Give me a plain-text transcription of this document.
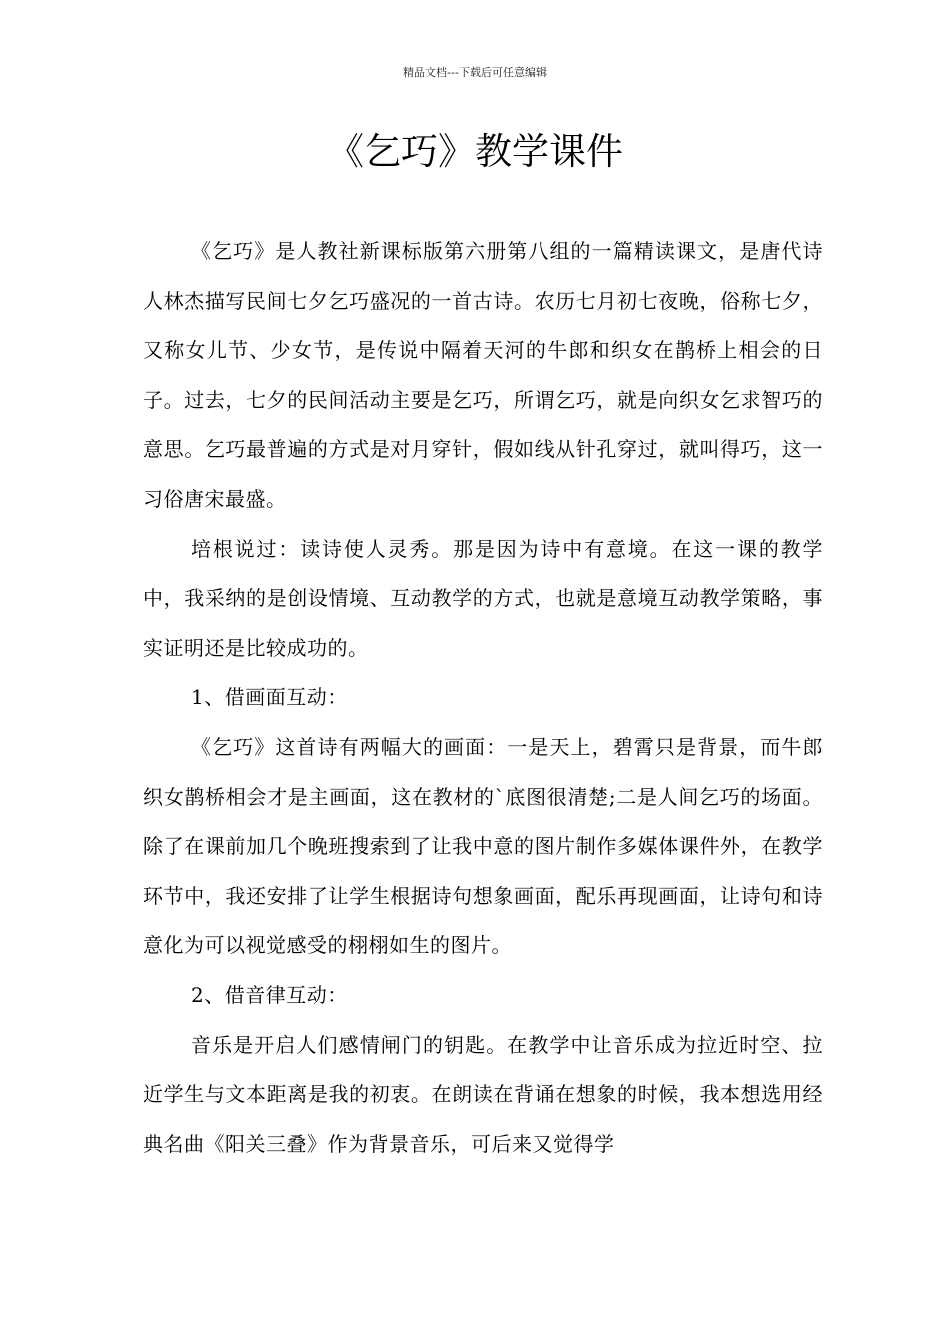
精品文档---下载后可任意编辑
《乞巧》教学课件

《乞巧》是人教社新课标版第六册第八组的一篇精读课文，是唐代诗人林杰描写民间七夕乞巧盛况的一首古诗。农历七月初七夜晚，俗称七夕，又称女儿节、少女节，是传说中隔着天河的牛郎和织女在鹊桥上相会的日子。过去，七夕的民间活动主要是乞巧，所谓乞巧，就是向织女乞求智巧的意思。乞巧最普遍的方式是对月穿针，假如线从针孔穿过，就叫得巧，这一习俗唐宋最盛。

培根说过：读诗使人灵秀。那是因为诗中有意境。在这一课的教学中，我采纳的是创设情境、互动教学的方式，也就是意境互动教学策略，事实证明还是比较成功的。

1、借画面互动：

《乞巧》这首诗有两幅大的画面：一是天上，碧霄只是背景，而牛郎织女鹊桥相会才是主画面，这在教材的`底图很清楚;二是人间乞巧的场面。除了在课前加几个晚班搜索到了让我中意的图片制作多媒体课件外，在教学环节中，我还安排了让学生根据诗句想象画面，配乐再现画面，让诗句和诗意化为可以视觉感受的栩栩如生的图片。

2、借音律互动：

音乐是开启人们感情闸门的钥匙。在教学中让音乐成为拉近时空、拉近学生与文本距离是我的初衷。在朗读在背诵在想象的时候，我本想选用经典名曲《阳关三叠》作为背景音乐，可后来又觉得学
